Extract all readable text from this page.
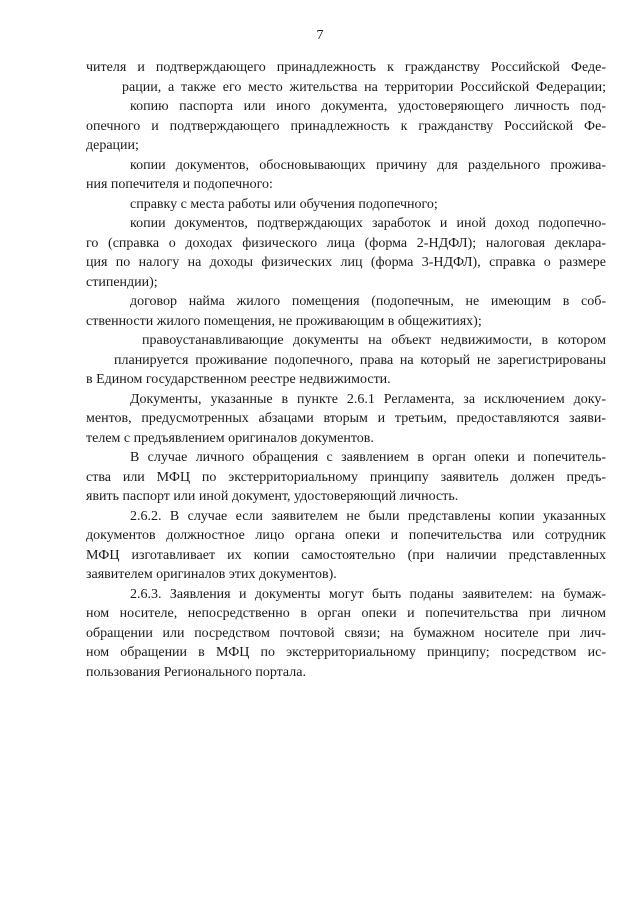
7
чителя и подтверждающего принадлежность к гражданству Российской Феде-
рации, а также его место жительства на территории Российской Федерации;
копию паспорта или иного документа, удостоверяющего личность под-
опечного и подтверждающего принадлежность к гражданству Российской Фе-
дерации;
копии документов, обосновывающих причину для раздельного прожива-
ния попечителя и подопечного:
справку с места работы или обучения подопечного;
копии документов, подтверждающих заработок и иной доход подопечно-
го (справка о доходах физического лица (форма 2-НДФЛ); налоговая деклара-
ция по налогу на доходы физических лиц (форма 3-НДФЛ), справка о размере
стипендии);
договор найма жилого помещения (подопечным, не имеющим в соб-
ственности жилого помещения, не проживающим в общежитиях);
правоустанавливающие документы на объект недвижимости, в котором
планируется проживание подопечного, права на который не зарегистрированы
в Едином государственном реестре недвижимости.
Документы, указанные в пункте 2.6.1 Регламента, за исключением доку-
ментов, предусмотренных абзацами вторым и третьим, предоставляются заяви-
телем с предъявлением оригиналов документов.
В случае личного обращения с заявлением в орган опеки и попечитель-
ства или МФЦ по экстерриториальному принципу заявитель должен предъ-
явить паспорт или иной документ, удостоверяющий личность.
2.6.2. В случае если заявителем не были представлены копии указанных
документов должностное лицо органа опеки и попечительства или сотрудник
МФЦ изготавливает их копии самостоятельно (при наличии представленных
заявителем оригиналов этих документов).
2.6.3. Заявления и документы могут быть поданы заявителем: на бумаж-
ном носителе, непосредственно в орган опеки и попечительства при личном
обращении или посредством почтовой связи; на бумажном носителе при лич-
ном обращении в МФЦ по экстерриториальному принципу; посредством ис-
пользования Регионального портала.
